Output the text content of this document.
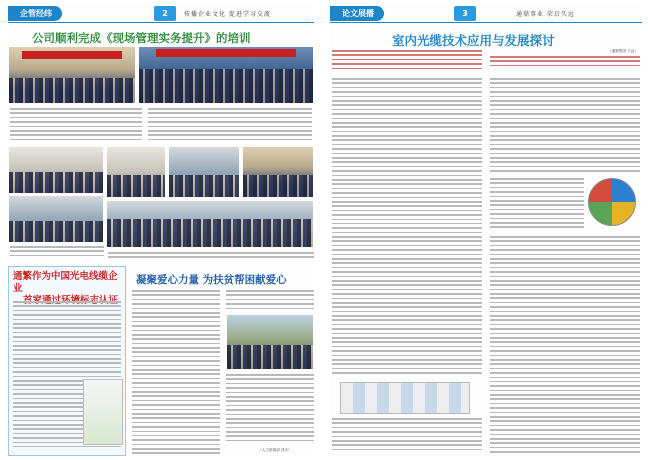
企管经纬	2	传播企业文化 促进学习交流
公司顺利完成《现场管理实务提升》的培训
通繁作为中国光电线缆企业
凝聚爱心力量 为扶贫帮困献爱心
（人力资源部 钱丰）
论文展播	3	通鼎事业 荣启久远
室内光缆技术应用与发展探讨
（通鼎集团 天达）
